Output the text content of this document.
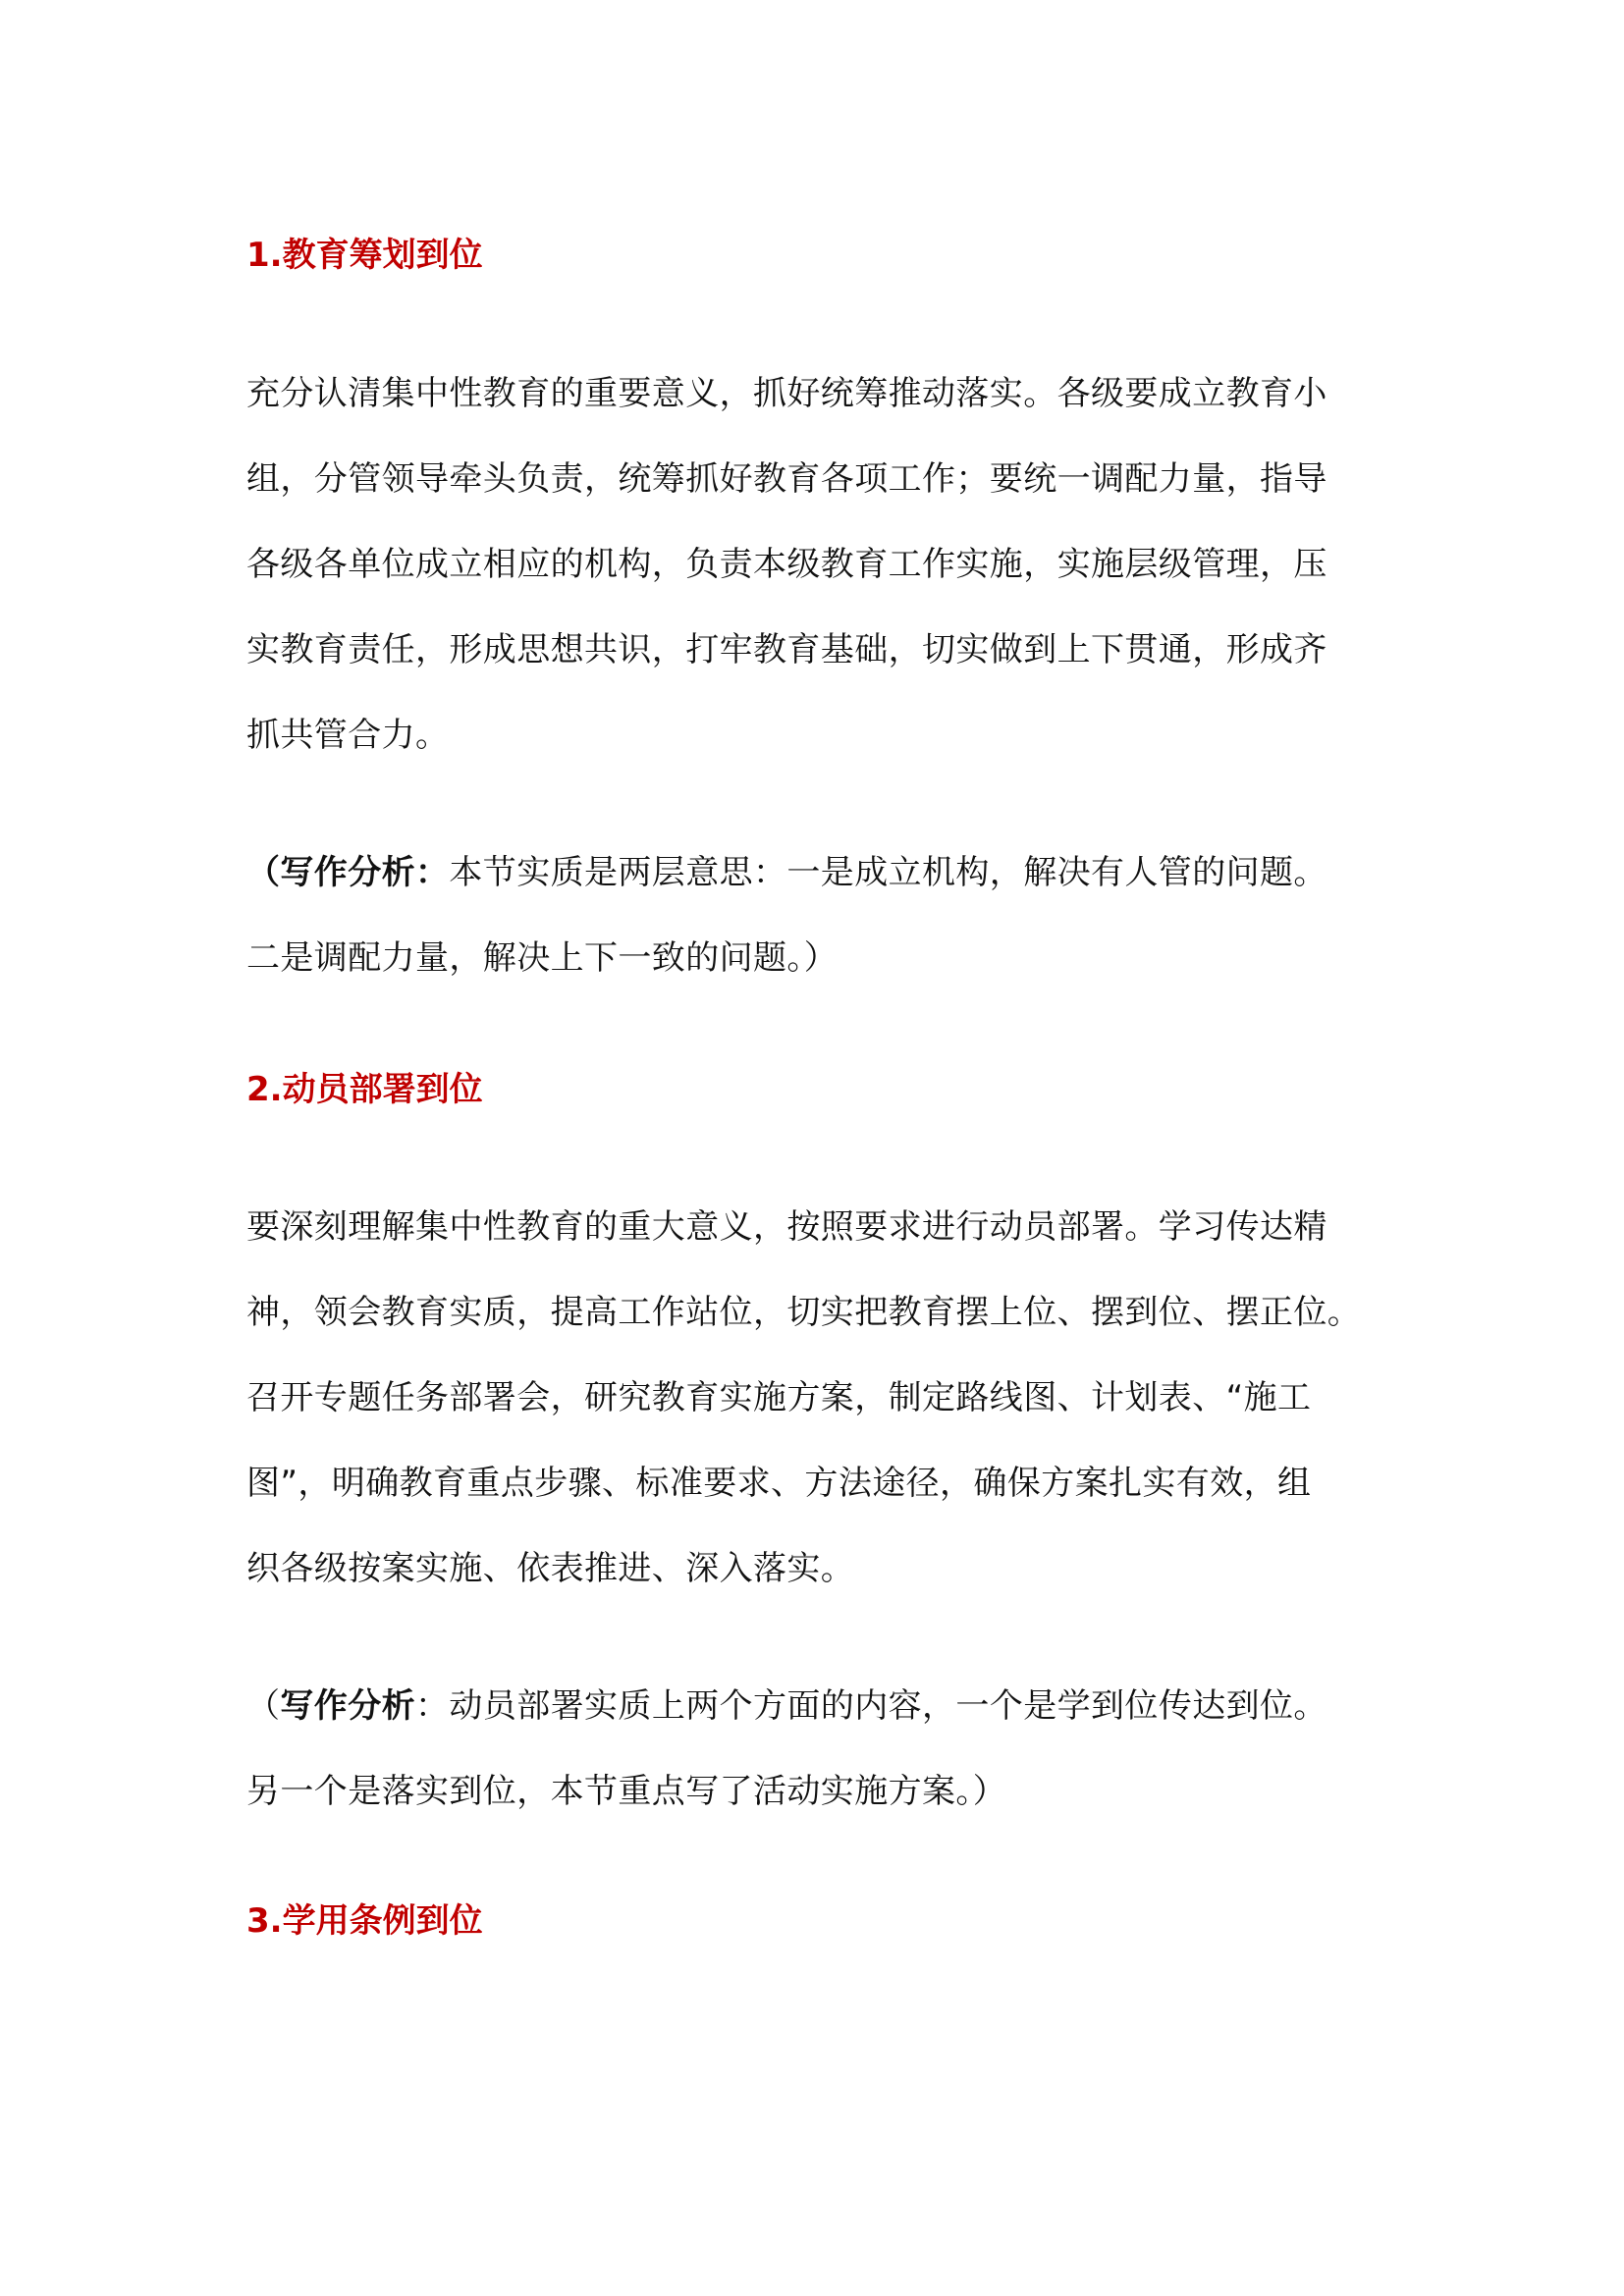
1.教育筹划到位
充分认清集中性教育的重要意义，抓好统筹推动落实。各级要成立教育小
组，分管领导牵头负责，统筹抓好教育各项工作；要统一调配力量，指导
各级各单位成立相应的机构，负责本级教育工作实施，实施层级管理，压
实教育责任，形成思想共识，打牢教育基础，切实做到上下贯通，形成齐
抓共管合力。
（写作分析：本节实质是两层意思：一是成立机构，解决有人管的问题。
二是调配力量，解决上下一致的问题。）
2.动员部署到位
要深刻理解集中性教育的重大意义，按照要求进行动员部署。学习传达精
神，领会教育实质，提高工作站位，切实把教育摆上位、摆到位、摆正位。
召开专题任务部署会，研究教育实施方案，制定路线图、计划表、“施工
图”，明确教育重点步骤、标准要求、方法途径，确保方案扎实有效，组
织各级按案实施、依表推进、深入落实。
（写作分析：动员部署实质上两个方面的内容，一个是学到位传达到位。
另一个是落实到位，本节重点写了活动实施方案。）
3.学用条例到位
